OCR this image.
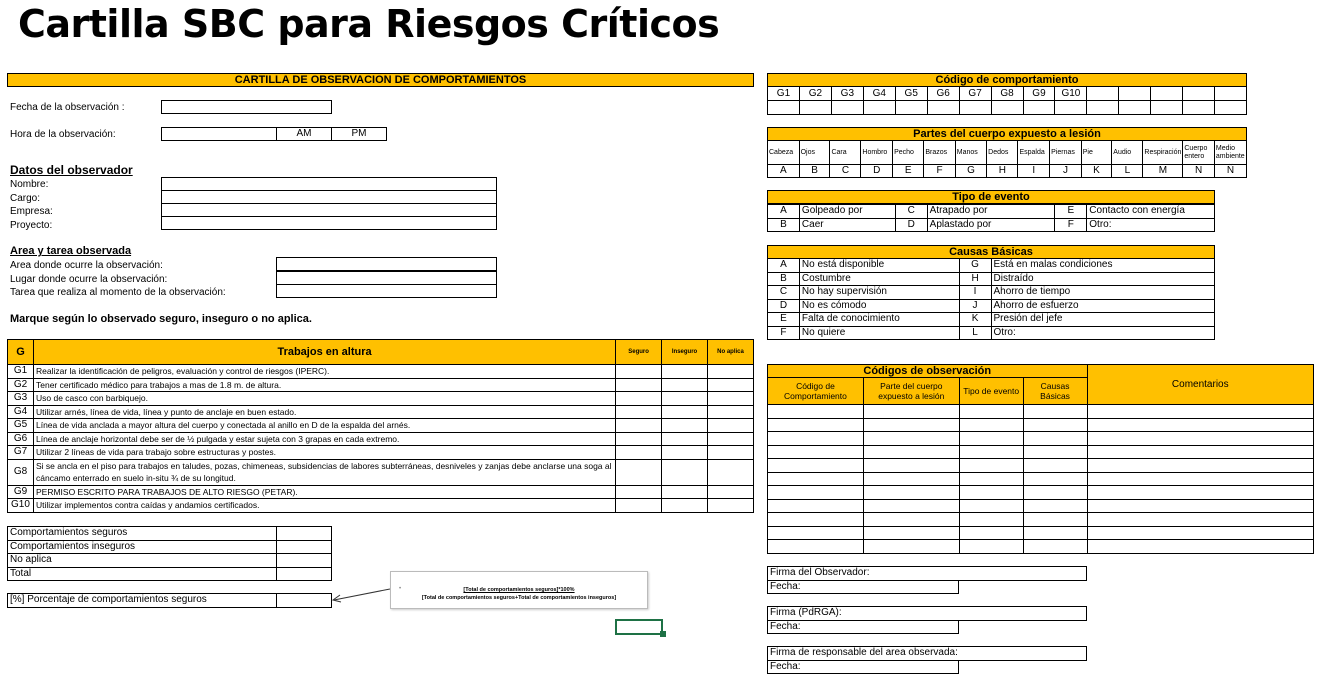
Cartilla SBC para Riesgos Críticos
CARTILLA DE OBSERVACION DE COMPORTAMIENTOS
Fecha de la observación :
Hora de la observación:	AM	PM
Datos del observador
Nombre:
Cargo:
Empresa:
Proyecto:
Area y tarea observada
Area donde ocurre la observación:
Lugar donde ocurre la observación:
Tarea que realiza al momento de la observación:
Marque según lo observado seguro, inseguro o no aplica.
G	Trabajos en altura	Seguro	Inseguro	No aplica
G1	Realizar la identificación de peligros, evaluación y control de riesgos (IPERC).			
G2	Tener certificado médico para trabajos a mas de 1.8 m. de altura.			
G3	Uso de casco con barbiquejo.			
G4	Utilizar arnés, línea de vida, línea y punto de anclaje en buen estado.			
G5	Línea de vida anclada a mayor altura del cuerpo y conectada al anillo en D de la espalda del arnés.			
G6	Línea de anclaje horizontal debe ser de ½ pulgada y estar sujeta con 3 grapas en cada extremo.			
G7	Utilizar 2 líneas de vida para trabajo sobre estructuras y postes.			
G8	Si se ancla en el piso para trabajos en taludes, pozas, chimeneas, subsidencias de labores subterráneas, desniveles y zanjas debe anclarse una soga al cáncamo enterrado en suelo in-situ ¾ de su longitud.			
G9	PERMISO ESCRITO PARA TRABAJOS DE ALTO RIESGO (PETAR).			
G10	Utilizar implementos contra caídas y andamios certificados.			
Comportamientos seguros	
Comportamientos inseguros	
No aplica	
Total	
[%] Porcentaje de comportamientos seguros	
•	[Total de comportamientos seguros]*100%
[Total de comportamientos seguros+Total de comportamientos inseguros]
Código de comportamiento
G1	G2	G3	G4	G5	G6	G7	G8	G9	G10					

Partes del cuerpo expuesto a lesión
Cabeza	Ojos	Cara	Hombro	Pecho	Brazos	Manos	Dedos	Espalda	Piernas	Pie	Audio	Respiración	Cuerpo entero	Medio ambiente
A	B	C	D	E	F	G	H	I	J	K	L	M	N	Ñ
Tipo de evento
A	Golpeado por	C	Atrapado por	E	Contacto con energía
B	Caer	D	Aplastado por	F	Otro:
Causas Básicas
A	No está disponible	G	Está en malas condiciones
B	Costumbre	H	Distraído
C	No hay supervisión	I	Ahorro de tiempo
D	No es cómodo	J	Ahorro de esfuerzo
E	Falta de conocimiento	K	Presión del jefe
F	No quiere	L	Otro:
Códigos de observación				Comentarios
Código de Comportamiento	Parte del cuerpo expuesto a lesión	Tipo de evento	Causas Básicas	

Firma del Observador:
Fecha:	
Firma (PdRGA):
Fecha:	
Firma de responsable del area observada:
Fecha:	
